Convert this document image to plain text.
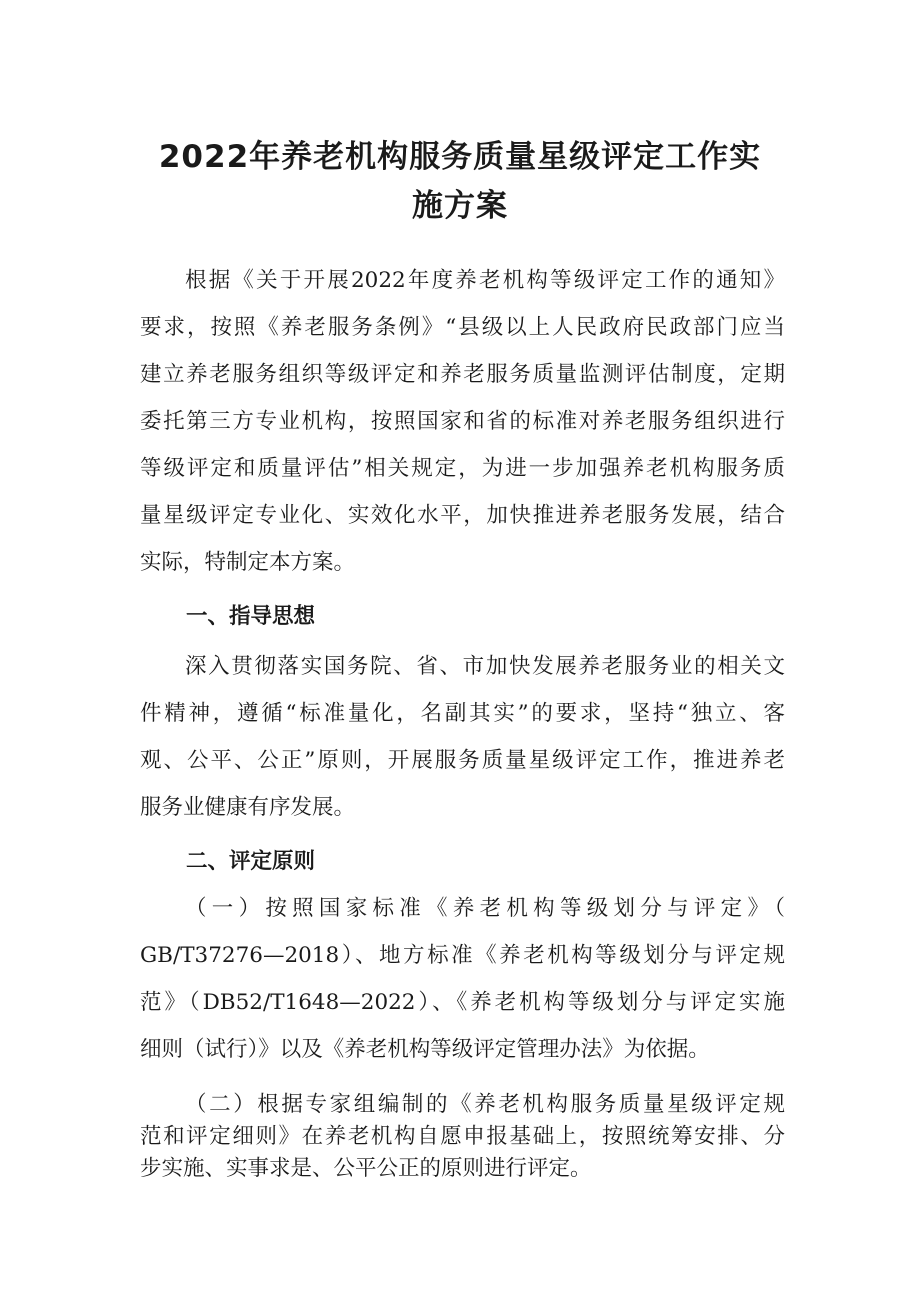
2022年养老机构服务质量星级评定工作实
施方案

根据《关于开展2022年度养老机构等级评定工作的通知》

要求，按照《养老服务条例》“县级以上人民政府民政部门应当

建立养老服务组织等级评定和养老服务质量监测评估制度，定期

委托第三方专业机构，按照国家和省的标准对养老服务组织进行

等级评定和质量评估”相关规定，为进一步加强养老机构服务质

量星级评定专业化、实效化水平，加快推进养老服务发展，结合

实际，特制定本方案。

一、指导思想

深入贯彻落实国务院、省、市加快发展养老服务业的相关文

件精神，遵循“标准量化，名副其实”的要求，坚持“独立、客

观、公平、公正”原则，开展服务质量星级评定工作，推进养老

服务业健康有序发展。

二、评定原则

（一）按照国家标准《养老机构等级划分与评定》（

GB/T37276—2018）、地方标准《养老机构等级划分与评定规

范》（DB52/T1648—2022）、《养老机构等级划分与评定实施

细则（试行）》以及《养老机构等级评定管理办法》为依据。

（二）根据专家组编制的《养老机构服务质量星级评定规

范和评定细则》在养老机构自愿申报基础上，按照统筹安排、分

步实施、实事求是、公平公正的原则进行评定。
